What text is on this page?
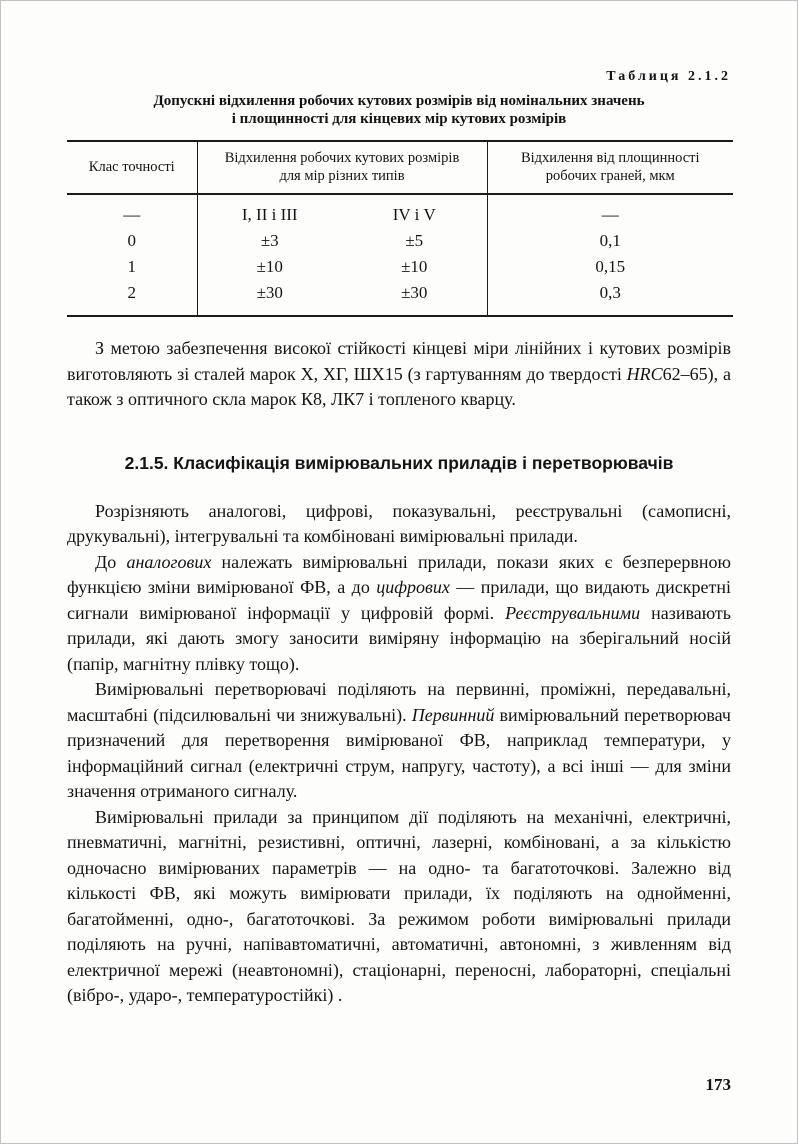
Таблиця 2.1.2
Допускні відхилення робочих кутових розмірів від номінальних значень
і площинності для кінцевих мір кутових розмірів
Клас точності	Відхилення робочих кутових розмірів для мір різних типів		Відхилення від площинності робочих граней, мкм
—	I, II і III	IV і V	—
0	±3	±5	0,1
1	±10	±10	0,15
2	±30	±30	0,3

З метою забезпечення високої стійкості кінцеві міри лінійних і кутових розмірів виготовляють зі сталей марок Х, ХГ, ШХ15 (з гартуванням до твердості HRC62–65), а також з оптичного скла марок К8, ЛК7 і топленого кварцу.

2.1.5. Класифікація вимірювальних приладів і перетворювачів

Розрізняють аналогові, цифрові, показувальні, реєструвальні (самописні, друкувальні), інтегрувальні та комбіновані вимірювальні прилади.

До аналогових належать вимірювальні прилади, покази яких є безперервною функцією зміни вимірюваної ФВ, а до цифрових — прилади, що видають дискретні сигнали вимірюваної інформації у цифровій формі. Реєструвальними називають прилади, які дають змогу заносити виміряну інформацію на зберігальний носій (папір, магнітну плівку тощо).

Вимірювальні перетворювачі поділяють на первинні, проміжні, передавальні, масштабні (підсилювальні чи знижувальні). Первинний вимірювальний перетворювач призначений для перетворення вимірюваної ФВ, наприклад температури, у інформаційний сигнал (електричні струм, напругу, частоту), а всі інші — для зміни значення отриманого сигналу.

Вимірювальні прилади за принципом дії поділяють на механічні, електричні, пневматичні, магнітні, резистивні, оптичні, лазерні, комбіновані, а за кількістю одночасно вимірюваних параметрів — на одно- та багатоточкові. Залежно від кількості ФВ, які можуть вимірювати прилади, їх поділяють на однойменні, багатойменні, одно-, багатоточкові. За режимом роботи вимірювальні прилади поділяють на ручні, напівавтоматичні, автоматичні, автономні, з живленням від електричної мережі (неавтономні), стаціонарні, переносні, лабораторні, спеціальні (вібро-, ударо-, температуростійкі) .

173
